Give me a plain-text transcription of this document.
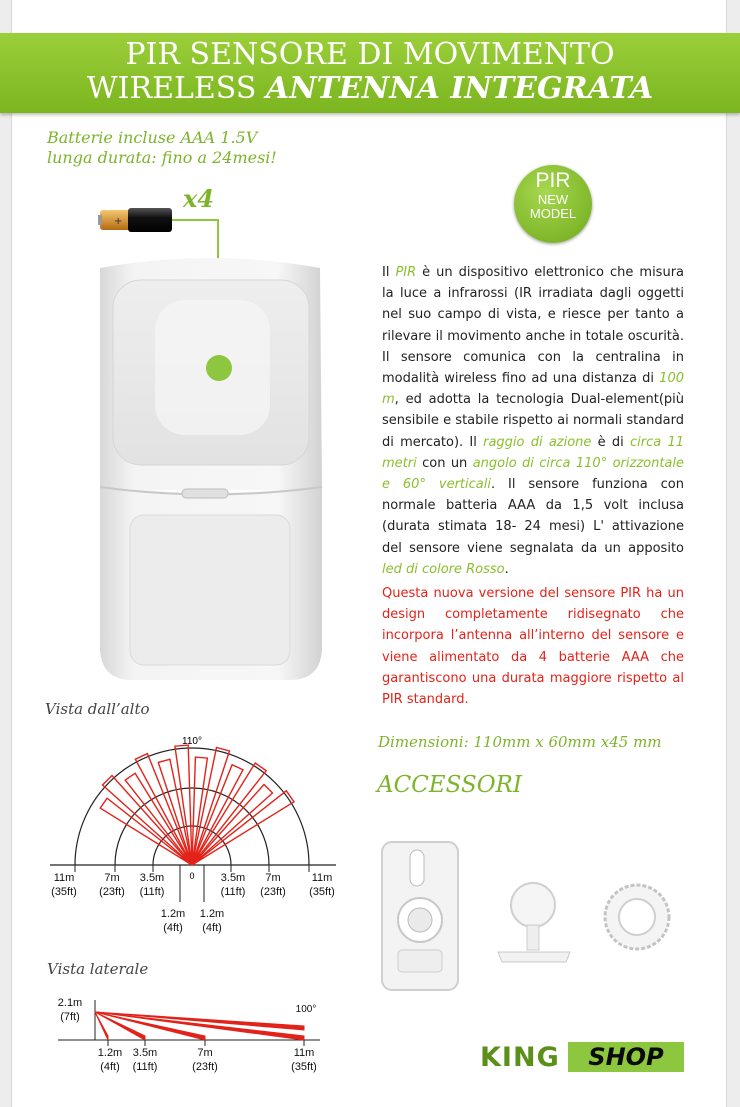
PIR SENSORE DI MOVIMENTO
WIRELESS ANTENNA INTEGRATA
Batterie incluse AAA 1.5V
lunga durata: fino a 24mesi!
x4
+
PIR
NEW
MODEL
Il PIR è un dispositivo elettronico che misura la luce a infrarossi (IR irradiata dagli oggetti nel suo campo di vista, e riesce per tanto a rilevare il movimento anche in totale oscurità. Il sensore comunica con la centralina in modalità wireless fino ad una distanza di 100 m, ed adotta la tecnologia Dual-element(più sensibile e stabile rispetto ai normali standard di mercato). Il raggio di azione è di circa 11 metri con un angolo di circa 110° orizzontale e 60° verticali. Il sensore funziona con normale batteria AAA da 1,5 volt inclusa (durata stimata 18- 24 mesi) L' attivazione del sensore viene segnalata da un apposito led di colore Rosso.
Questa nuova versione del sensore PIR ha un design completamente ridisegnato che incorpora l’antenna all’interno del sensore e viene alimentato da 4 batterie AAA che garantiscono una durata maggiore rispetto al PIR standard.
Dimensioni: 110mm x 60mm x45 mm
ACCESSORI
Vista dall’alto
110°
0
11m
(35ft)
7m
(23ft)
3.5m
(11ft)
3.5m
(11ft)
7m
(23ft)
11m
(35ft)
1.2m
(4ft)
1.2m
(4ft)
Vista laterale
2.1m
(7ft)
100°
1.2m
(4ft)
3.5m
(11ft)
7m
(23ft)
11m
(35ft)	KING	SHOP
